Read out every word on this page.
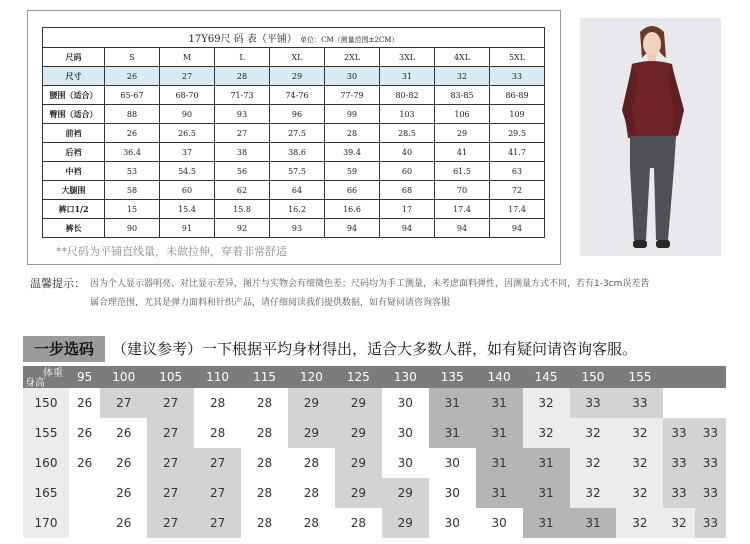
17Y69尺 码 表（平铺） 单位：CM（测量范围±2CM）								
尺码	S	M	L	XL	2XL	3XL	4XL	5XL
尺寸	26	27	28	29	30	31	32	33
腰围（适合）	65-67	68-70	71-73	74-76	77-79	80-82	83-85	86-89
臀围（适合）	88	90	93	96	99	103	106	109
前裆	26	26.5	27	27.5	28	28.5	29	29.5
后裆	36.4	37	38	38.6	39.4	40	41	41.7
中裆	53	54.5	56	57.5	59	60	61.5	63
大腿围	58	60	62	64	66	68	70	72
裤口1/2	15	15.4	15.8	16.2	16.6	17	17.4	17.4
裤长	90	91	92	93	94	94	94	94
**尺码为平铺直线量，未做拉伸，穿着非常舒适
温馨提示： 因为个人显示器明亮、对比显示差异，图片与实物会有细微色差；尺码均为手工测量，未考虑面料弹性，因测量方式不同，若有1-3cm误差皆
属合理范围，尤其是弹力面料和针织产品，请仔细阅读我们提供数据，如有疑问请咨询客服
一步选码	（建议参考）一下根据平均身材得出，适合大多数人群，如有疑问请咨询客服。
体重
身高	95	100	105	110	115	120	125	130	135	140	145	150	155		
150	26	27	27	28	28	29	29	30	31	31	32	33	33		
155	26	26	27	28	28	29	29	30	31	31	32	32	32	33	33
160	26	26	27	27	28	28	29	30	30	31	31	32	32	33	33
165		26	27	27	28	28	29	29	30	31	31	32	32	33	33
170		26	27	27	28	28	28	29	30	30	31	31	32	32	33
